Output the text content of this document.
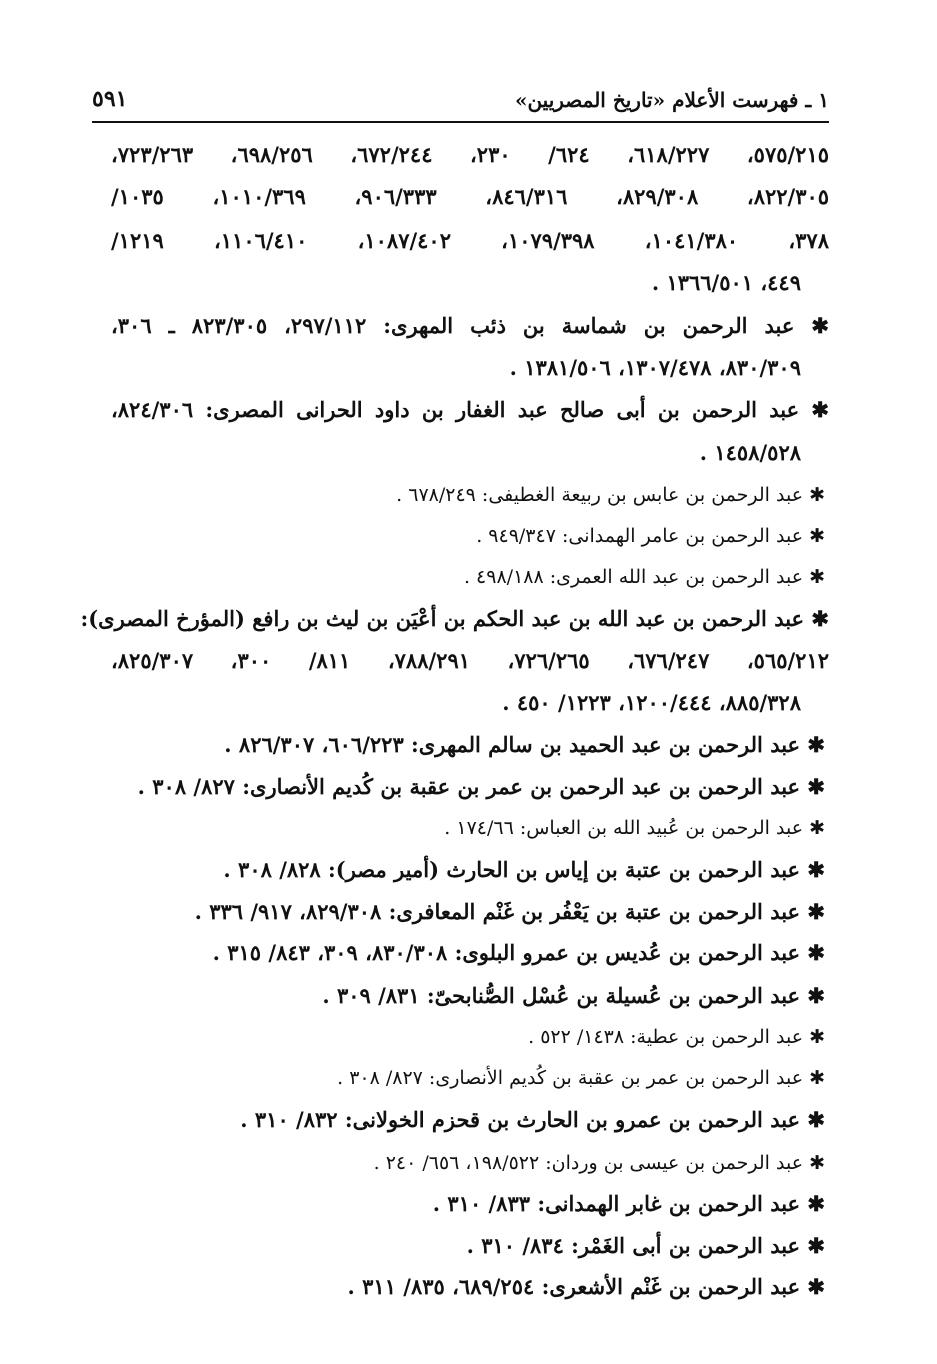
١ ـ فهرست الأعلام «تاريخ المصريين»
٥٩١
٥٧٥/٢١٥، ٦١٨/٢٢٧، ٦٢٤/ ٢٣٠، ٦٧٢/٢٤٤، ٦٩٨/٢٥٦، ٧٢٣/٢٦٣،
٨٢٢/٣٠٥، ٨٢٩/٣٠٨، ٨٤٦/٣١٦، ٩٠٦/٣٣٣، ١٠١٠/٣٦٩، ١٠٣٥/
٣٧٨، ١٠٤١/٣٨٠، ١٠٧٩/٣٩٨، ١٠٨٧/٤٠٢، ١١٠٦/٤١٠، ١٢١٩/
٤٤٩، ١٣٦٦/٥٠١ .
✱ عبد الرحمن بن شماسة بن ذئب المهرى: ٢٩٧/١١٢، ٨٢٣/٣٠٥ ـ ٣٠٦،
٨٣٠/٣٠٩، ١٣٠٧/٤٧٨، ١٣٨١/٥٠٦ .
✱ عبد الرحمن بن أبى صالح عبد الغفار بن داود الحرانى المصرى: ٨٢٤/٣٠٦،
١٤٥٨/٥٢٨ .
✱ عبد الرحمن بن عابس بن ربيعة الغطيفى: ٦٧٨/٢٤٩ .
✱ عبد الرحمن بن عامر الهمدانى: ٩٤٩/٣٤٧ .
✱ عبد الرحمن بن عبد الله العمرى: ٤٩٨/١٨٨ .
✱ عبد الرحمن بن عبد الله بن عبد الحكم بن أعْيَن بن ليث بن رافع (المؤرخ المصرى):
٥٦٥/٢١٢، ٦٧٦/٢٤٧، ٧٢٦/٢٦٥، ٧٨٨/٢٩١، ٨١١/ ٣٠٠، ٨٢٥/٣٠٧،
٨٨٥/٣٢٨، ١٢٠٠/٤٤٤، ١٢٢٣/ ٤٥٠ .
✱ عبد الرحمن بن عبد الحميد بن سالم المهرى: ٦٠٦/٢٢٣، ٨٢٦/٣٠٧ .
✱ عبد الرحمن بن عبد الرحمن بن عمر بن عقبة بن كُديم الأنصارى: ٨٢٧/ ٣٠٨ .
✱ عبد الرحمن بن عُبيد الله بن العباس: ١٧٤/٦٦ .
✱ عبد الرحمن بن عتبة بن إياس بن الحارث (أمير مصر): ٨٢٨/ ٣٠٨ .
✱ عبد الرحمن بن عتبة بن يَعْفُر بن غَنْم المعافرى: ٨٢٩/٣٠٨، ٩١٧/ ٣٣٦ .
✱ عبد الرحمن بن عُديس بن عمرو البلوى: ٨٣٠/٣٠٨، ٣٠٩، ٨٤٣/ ٣١٥ .
✱ عبد الرحمن بن عُسيلة بن عُسْل الصُّنابحىّ: ٨٣١/ ٣٠٩ .
✱ عبد الرحمن بن عطية: ١٤٣٨/ ٥٢٢ .
✱ عبد الرحمن بن عمر بن عقبة بن كُديم الأنصارى: ٨٢٧/ ٣٠٨ .
✱ عبد الرحمن بن عمرو بن الحارث بن قحزم الخولانى: ٨٣٢/ ٣١٠ .
✱ عبد الرحمن بن عيسى بن وردان: ١٩٨/٥٢٢، ٦٥٦/ ٢٤٠ .
✱ عبد الرحمن بن غابر الهمدانى: ٨٣٣/ ٣١٠ .
✱ عبد الرحمن بن أبى الغَمْر: ٨٣٤/ ٣١٠ .
✱ عبد الرحمن بن غَنْم الأشعرى: ٦٨٩/٢٥٤، ٨٣٥/ ٣١١ .
